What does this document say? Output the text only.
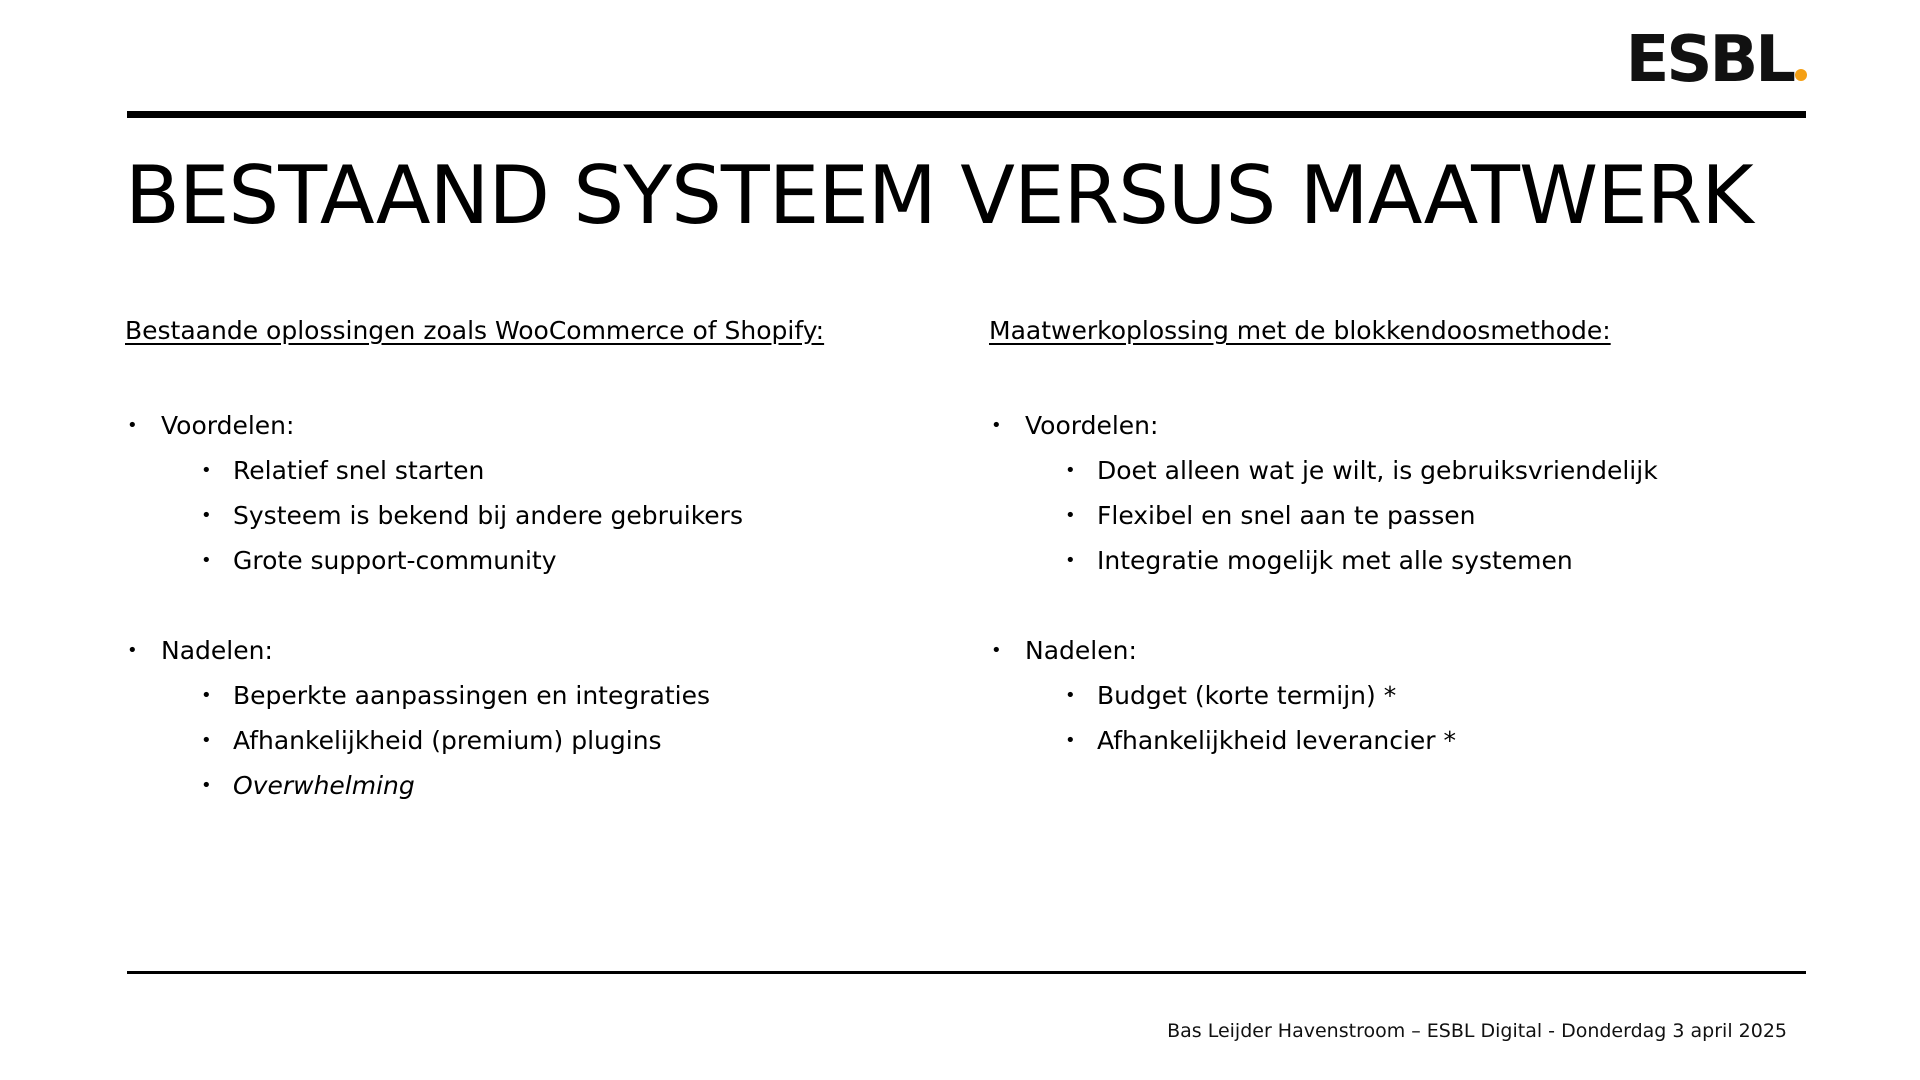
ESBL
BESTAAND SYSTEEM VERSUS MAATWERK
Bestaande oplossingen zoals WooCommerce of Shopify:
• Voordelen:
• Relatief snel starten
• Systeem is bekend bij andere gebruikers
• Grote support-community
• Nadelen:
• Beperkte aanpassingen en integraties
• Afhankelijkheid (premium) plugins
• Overwhelming
Maatwerkoplossing met de blokkendoosmethode:
• Voordelen:
• Doet alleen wat je wilt, is gebruiksvriendelijk
• Flexibel en snel aan te passen
• Integratie mogelijk met alle systemen
• Nadelen:
• Budget (korte termijn) *
• Afhankelijkheid leverancier *
Bas Leijder Havenstroom – ESBL Digital - Donderdag 3 april 2025
